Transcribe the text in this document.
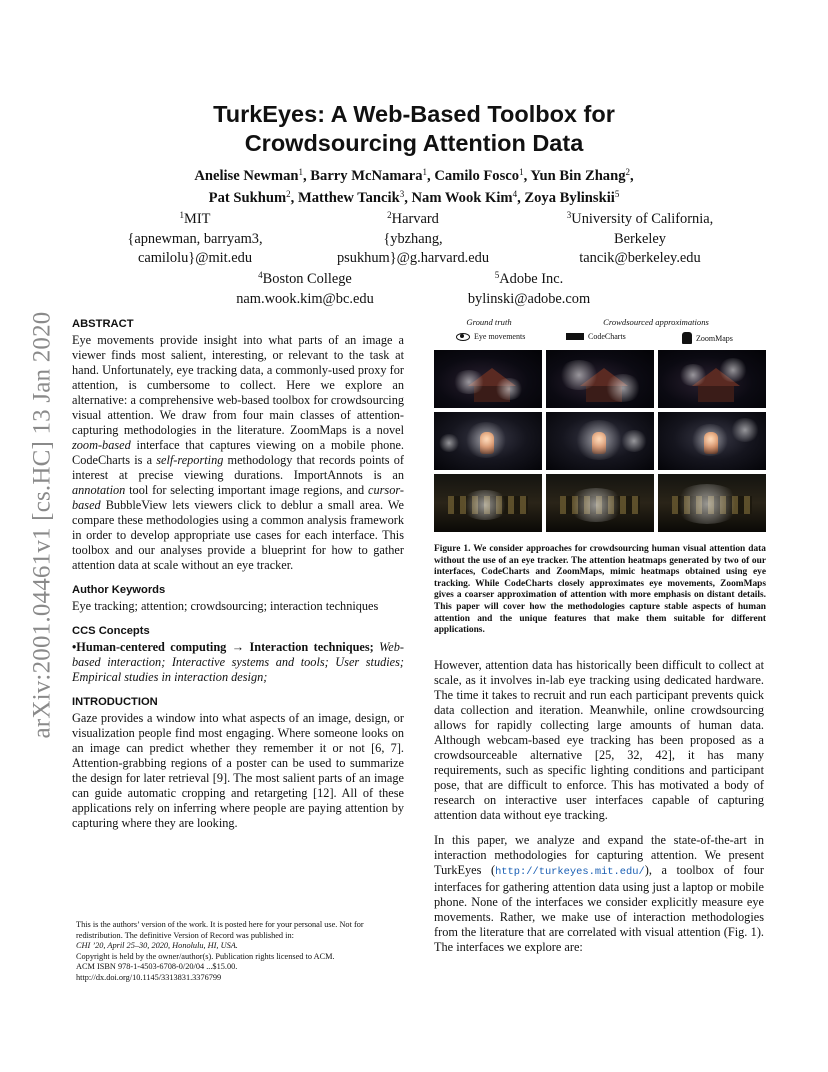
arXiv:2001.04461v1 [cs.HC] 13 Jan 2020
TurkEyes: A Web-Based Toolbox for
Crowdsourcing Attention Data
Anelise Newman$^1$, Barry McNamara$^1$, Camilo Fosco$^1$, Yun Bin Zhang$^2$,
Pat Sukhum$^2$, Matthew Tancik$^3$, Nam Wook Kim$^4$, Zoya Bylinskii$^5$
$^1$MIT
{apnewman, barryam3,
camilolu}@mit.edu
$^2$Harvard
{ybzhang,
psukhum}@g.harvard.edu
$^3$University of California,
Berkeley
tancik@berkeley.edu
$^4$Boston College
nam.wook.kim@bc.edu
$^5$Adobe Inc.
bylinski@adobe.com
ABSTRACT

Eye movements provide insight into what parts of an image a viewer finds most salient, interesting, or relevant to the task at hand. Unfortunately, eye tracking data, a commonly-used proxy for attention, is cumbersome to collect. Here we explore an alternative: a comprehensive web-based toolbox for crowdsourcing visual attention. We draw from four main classes of attention-capturing methodologies in the literature. ZoomMaps is a novel zoom-based interface that captures viewing on a mobile phone. CodeCharts is a self-reporting methodology that records points of interest at precise viewing durations. ImportAnnots is an annotation tool for selecting important image regions, and cursor-based BubbleView lets viewers click to deblur a small area. We compare these methodologies using a common analysis framework in order to develop appropriate use cases for each interface. This toolbox and our analyses provide a blueprint for how to gather attention data at scale without an eye tracker.

Author Keywords

Eye tracking; attention; crowdsourcing; interaction techniques

CCS Concepts

•Human-centered computing → Interaction techniques; Web-based interaction; Interactive systems and tools; User studies; Empirical studies in interaction design;

INTRODUCTION

Gaze provides a window into what aspects of an image, design, or visualization people find most engaging. Where someone looks on an image can predict whether they remember it or not [6, 7]. Attention-grabbing regions of a poster can be used to summarize the design for later retrieval [9]. The most salient parts of an image can guide automatic cropping and retargeting [12]. All of these applications rely on inferring where people are paying attention by capturing where they are looking.

This is the authors’ version of the work. It is posted here for your personal use. Not for redistribution. The definitive Version of Record was published in:
CHI ’20, April 25–30, 2020, Honolulu, HI, USA.
Copyright is held by the owner/author(s). Publication rights licensed to ACM.
ACM ISBN 978-1-4503-6708-0/20/04 ...$15.00.
http://dx.doi.org/10.1145/3313831.3376799
Ground truth	Crowdsourced approximations
Eye movements	CodeCharts	ZoomMaps

Figure 1. We consider approaches for crowdsourcing human visual attention data without the use of an eye tracker. The attention heatmaps generated by two of our interfaces, CodeCharts and ZoomMaps, mimic heatmaps obtained using eye tracking. While CodeCharts closely approximates eye movements, ZoomMaps gives a coarser approximation of attention with more emphasis on distant details. This paper will cover how the methodologies capture stable aspects of human attention and the unique features that make them suitable for different applications.

However, attention data has historically been difficult to collect at scale, as it involves in-lab eye tracking using dedicated hardware. The time it takes to recruit and run each participant prevents quick data collection and iteration. Meanwhile, online crowdsourcing allows for rapidly collecting large amounts of human data. Although webcam-based eye tracking has been proposed as a crowdsourceable alternative [25, 32, 42], it has many requirements, such as specific lighting conditions and participant pose, that are difficult to enforce. This has motivated a body of research on interactive user interfaces capable of capturing attention data without eye tracking.

In this paper, we analyze and expand the state-of-the-art in interaction methodologies for capturing attention. We present TurkEyes (http://turkeyes.mit.edu/), a toolbox of four interfaces for gathering attention data using just a laptop or mobile phone. None of the interfaces we consider explicitly measure eye movements. Rather, we make use of interaction methodologies from the literature that are correlated with visual attention (Fig. 1). The interfaces we explore are:
